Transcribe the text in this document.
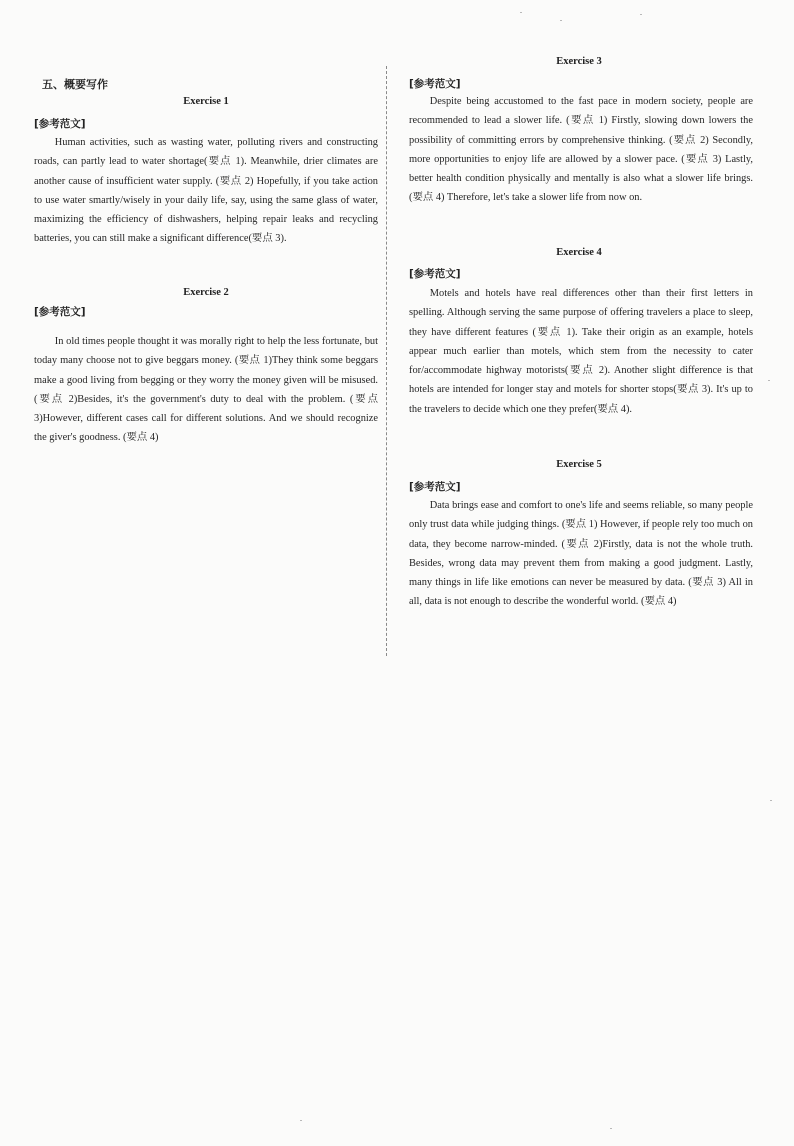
五、概要写作
Exercise 1
[参考范文]
Human activities, such as wasting water, polluting rivers and constructing roads, can partly lead to water shortage(要点 1). Meanwhile, drier climates are another cause of insufficient water supply. (要点 2) Hopefully, if you take action to use water smartly/wisely in your daily life, say, using the same glass of water, maximizing the efficiency of dishwashers, helping repair leaks and recycling batteries, you can still make a significant difference(要点 3).
Exercise 2
[参考范文]
In old times people thought it was morally right to help the less fortunate, but today many choose not to give beggars money. (要点 1)They think some beggars make a good living from begging or they worry the money given will be misused. (要点 2)Besides, it's the government's duty to deal with the problem. (要点 3)However, different cases call for different solutions. And we should recognize the giver's goodness. (要点 4)
Exercise 3
[参考范文]
Despite being accustomed to the fast pace in modern society, people are recommended to lead a slower life. (要点 1) Firstly, slowing down lowers the possibility of committing errors by comprehensive thinking. (要点 2) Secondly, more opportunities to enjoy life are allowed by a slower pace. (要点 3) Lastly, better health condition physically and mentally is also what a slower life brings. (要点 4) Therefore, let's take a slower life from now on.
Exercise 4
[参考范文]
Motels and hotels have real differences other than their first letters in spelling. Although serving the same purpose of offering travelers a place to sleep, they have different features (要点 1). Take their origin as an example, hotels appear much earlier than motels, which stem from the necessity to cater for/accommodate highway motorists(要点 2). Another slight difference is that hotels are intended for longer stay and motels for shorter stops(要点 3). It's up to the travelers to decide which one they prefer(要点 4).
Exercise 5
[参考范文]
Data brings ease and comfort to one's life and seems reliable, so many people only trust data while judging things. (要点 1) However, if people rely too much on data, they become narrow-minded. (要点 2)Firstly, data is not the whole truth. Besides, wrong data may prevent them from making a good judgment. Lastly, many things in life like emotions can never be measured by data. (要点 3) All in all, data is not enough to describe the wonderful world. (要点 4)
